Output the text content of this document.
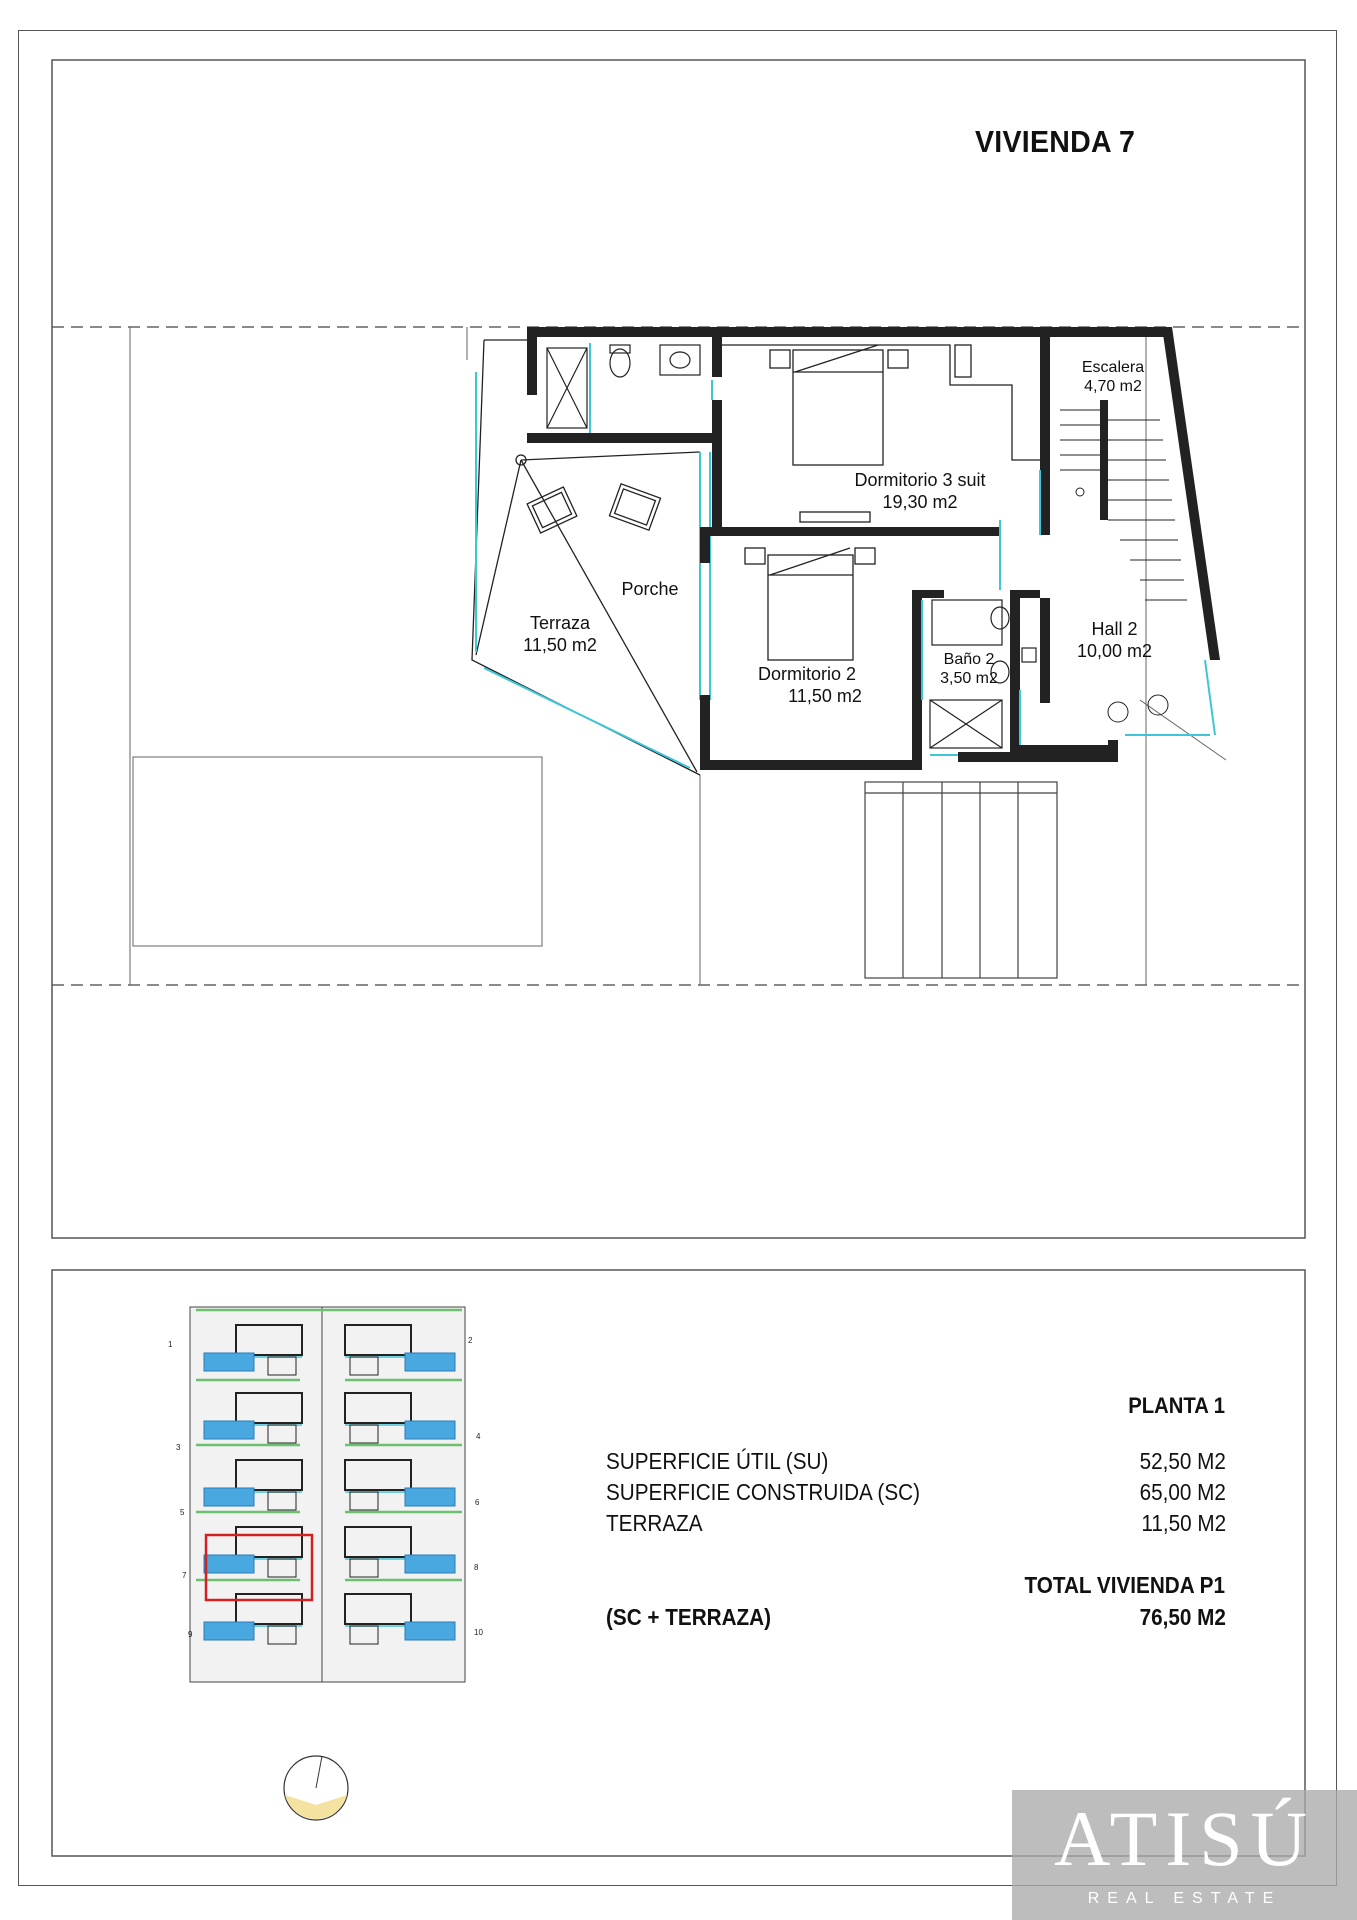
VIVIENDA 7
Escalera
4,70 m2
Dormitorio 3 suit
19,30 m2
Porche
Terraza
11,50 m2
Hall 2
10,00 m2
Dormitorio 2
11,50 m2
Baño 2
3,50 m2
1	2
3
4
5
6
7
8
9	10
PLANTA 1
SUPERFICIE ÚTIL (SU)	52,50 M2
SUPERFICIE CONSTRUIDA (SC)	65,00 M2
TERRAZA	11,50 M2
TOTAL VIVIENDA P1
(SC + TERRAZA)	76,50 M2
ATISÚ
REAL ESTATE
